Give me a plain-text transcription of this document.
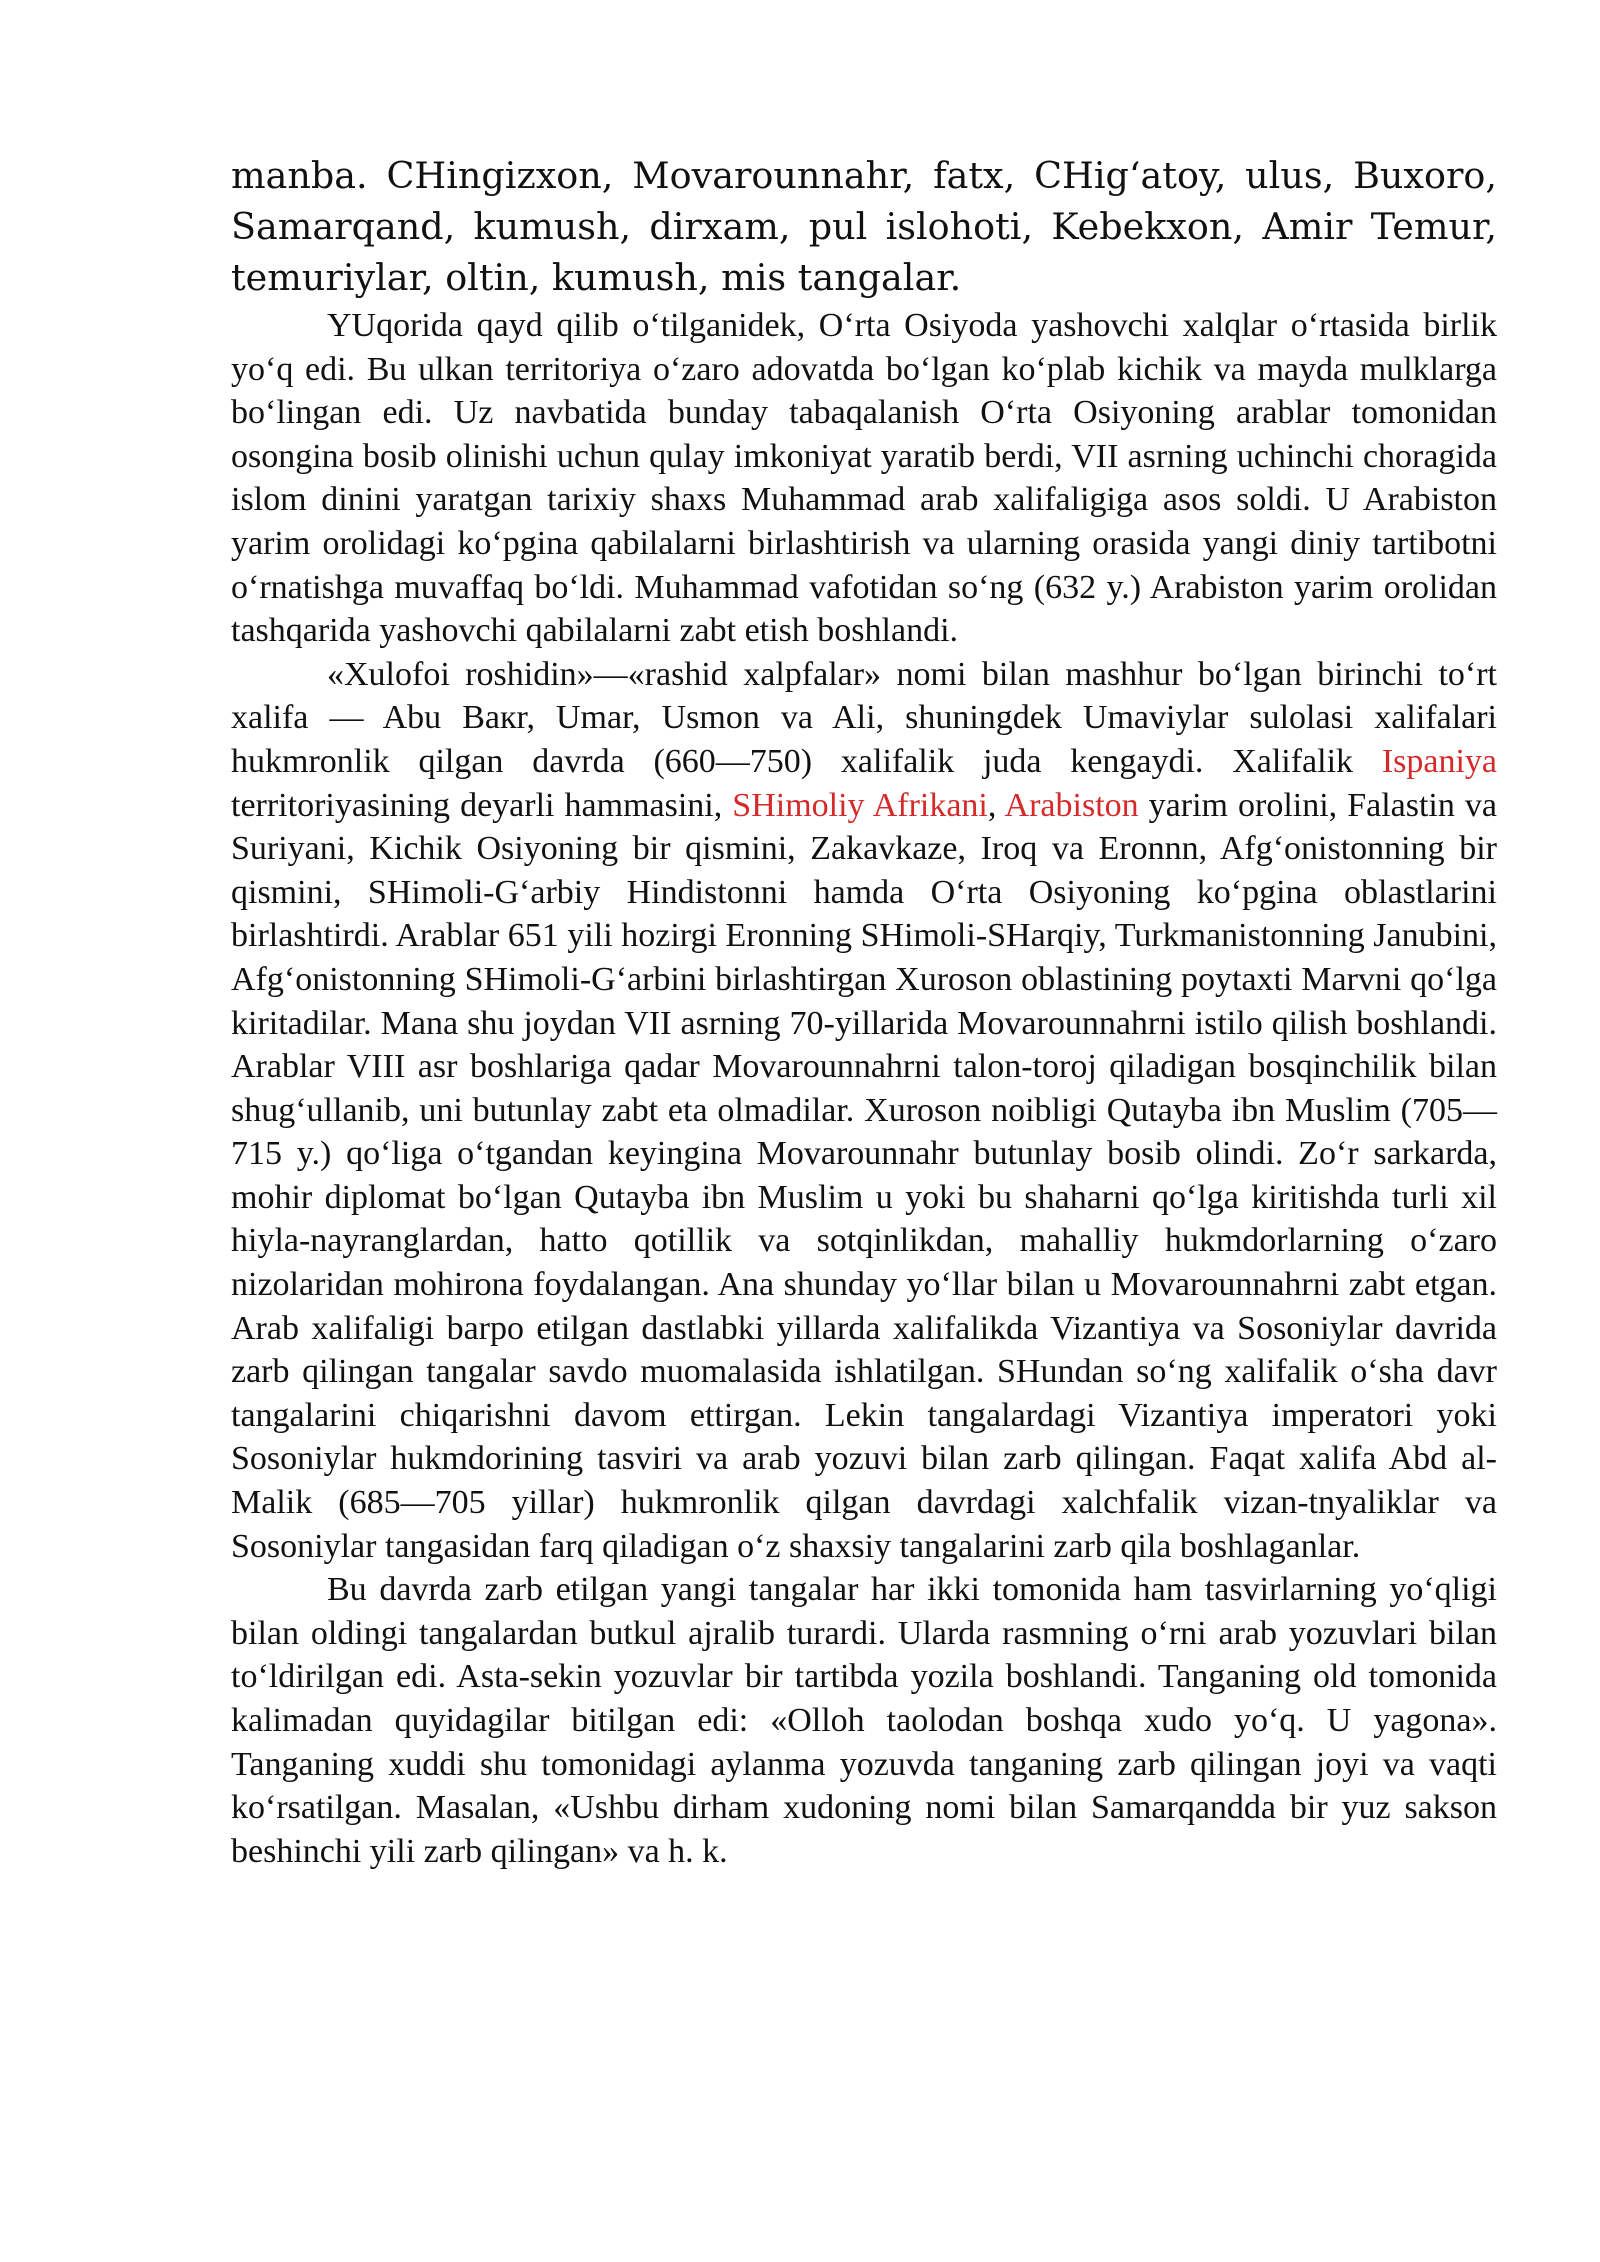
manba. CHingizxon, Movarounnahr, fatx, CHig‘atoy, ulus, Buxoro, Samarqand, kumush, dirxam, pul islohoti, Kebekxon, Amir Temur, temuriylar, oltin, kumush, mis tangalar.

YUqorida qayd qilib o‘tilganidek, O‘rta Osiyoda yashovchi xalqlar o‘rtasida birlik yo‘q edi. Bu ulkan territoriya o‘zaro adovatda bo‘lgan ko‘plab kichik va mayda mulklarga bo‘lingan edi. Uz navbatida bunday tabaqalanish O‘rta Osiyoning arablar tomonidan osongina bosib olinishi uchun qulay imkoniyat yaratib berdi, VII asrning uchinchi choragida islom dinini yaratgan tarixiy shaxs Muhammad arab xalifaligiga asos soldi. U Arabiston yarim orolidagi ko‘pgina qabilalarni birlashtirish va ularning orasida yangi diniy tartibotni o‘rnatishga muvaffaq bo‘ldi. Muhammad vafotidan so‘ng (632 y.) Arabiston yarim orolidan tashqarida yashovchi qabilalarni zabt etish boshlandi.

«Xulofoi roshidin»—«rashid xalpfalar» nomi bilan mashhur bo‘lgan birinchi to‘rt xalifa — Abu Baкr, Umar, Usmon va Ali, shuningdek Umaviylar sulolasi xalifalari hukmronlik qilgan davrda (660—750) xalifalik juda kengaydi. Xalifalik Ispaniya territoriyasining deyarli hammasini, SHimoliy Afrikani, Arabiston yarim orolini, Falastin va Suriyani, Kichik Osiyoning bir qismini, Zakavkaze, Iroq va Eronnn, Afg‘onistonning bir qismini, SHimoli-G‘arbiy Hindistonni hamda O‘rta Osiyoning ko‘pgina oblastlarini birlashtirdi. Arablar 651 yili hozirgi Eronning SHimoli-SHarqiy, Turkmanistonning Janubini, Afg‘onistonning SHimoli-G‘arbini birlashtirgan Xuroson oblastining poytaxti Marvni qo‘lga kiritadilar. Mana shu joydan VII asrning 70-yillarida Movarounnahrni istilo qilish boshlandi. Arablar VIII asr boshlariga qadar Movarounnahrni talon-toroj qiladigan bosqinchilik bilan shug‘ullanib, uni butunlay zabt eta olmadilar. Xuroson noibligi Qutayba ibn Muslim (705—715 y.) qo‘liga o‘tgandan keyingina Movarounnahr butunlay bosib olindi. Zo‘r sarkarda, mohir diplomat bo‘lgan Qutayba ibn Muslim u yoki bu shaharni qo‘lga kiritishda turli xil hiyla-nayranglardan, hatto qotillik va sotqinlikdan, mahalliy hukmdorlarning o‘zaro nizolaridan mohirona foydalangan. Ana shunday yo‘llar bilan u Movarounnahrni zabt etgan. Arab xalifaligi barpo etilgan dastlabki yillarda xalifalikda Vizantiya va Sosoniylar davrida zarb qilingan tangalar savdo muomalasida ishlatilgan. SHundan so‘ng xalifalik o‘sha davr tangalarini chiqarishni davom ettirgan. Lekin tangalardagi Vizantiya imperatori yoki Sosoniylar hukmdorining tasviri va arab yozuvi bilan zarb qilingan. Faqat xalifa Abd al-Malik (685—705 yillar) hukmronlik qilgan davrdagi xalchfalik vizan-tnyaliklar va Sosoniylar tangasidan farq qiladigan o‘z shaxsiy tangalarini zarb qila boshlaganlar.

Bu davrda zarb etilgan yangi tangalar har ikki tomonida ham tasvirlarning yo‘qligi bilan oldingi tangalardan butkul ajralib turardi. Ularda rasmning o‘rni arab yozuvlari bilan to‘ldirilgan edi. Asta-sekin yozuvlar bir tartibda yozila boshlandi. Tanganing old tomonida kalimadan quyidagilar bitilgan edi: «Olloh taolodan boshqa xudo yo‘q. U yagona». Tanganing xuddi shu tomonidagi aylanma yozuvda tanganing zarb qilingan joyi va vaqti ko‘rsatilgan. Masalan, «Ushbu dirham xudoning nomi bilan Samarqandda bir yuz sakson beshinchi yili zarb qilingan» va h. k.
